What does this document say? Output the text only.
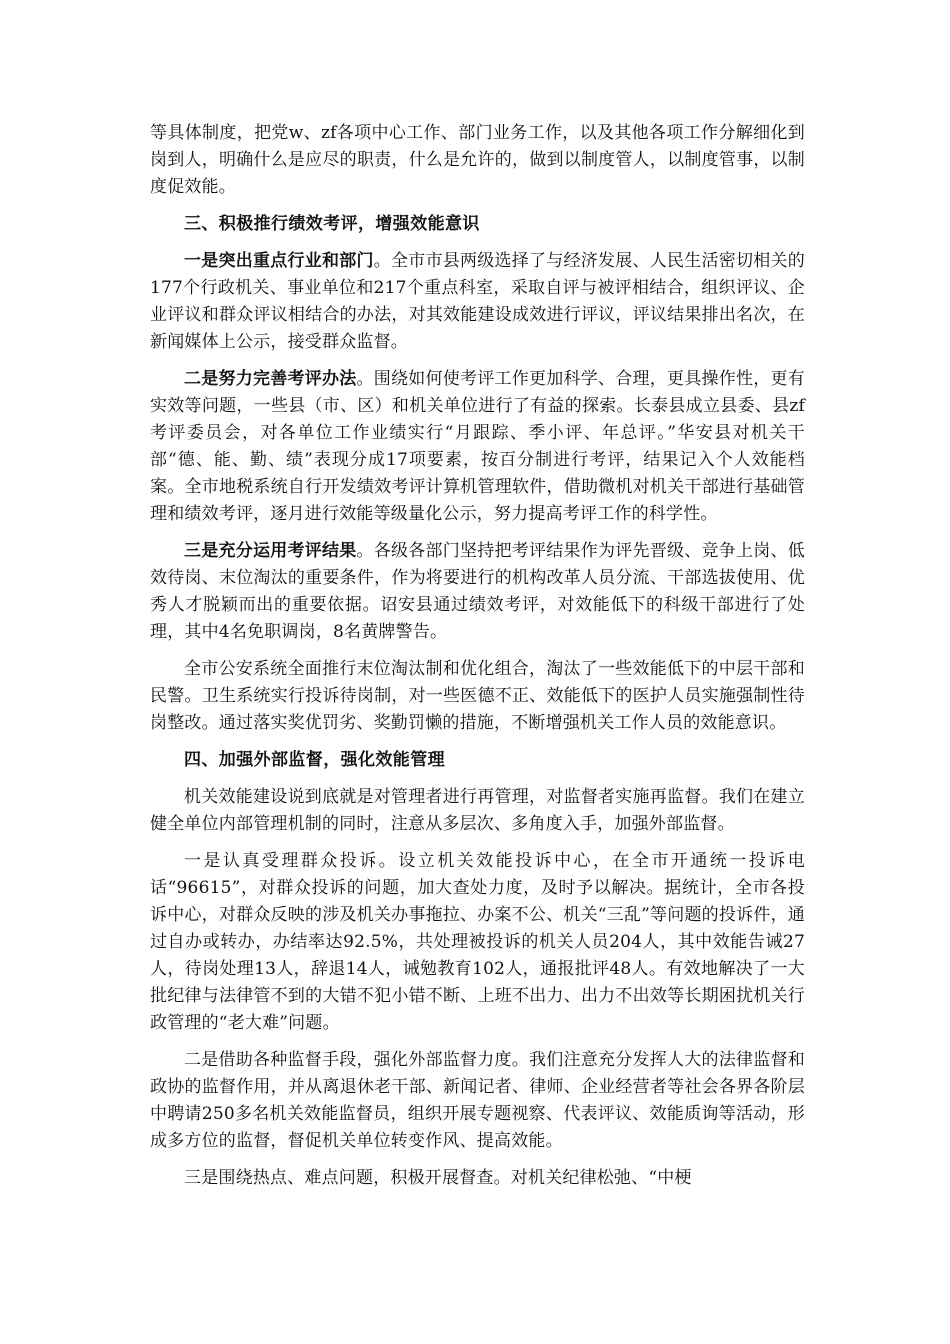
等具体制度，把党w、zf各项中心工作、部门业务工作，以及其他各项工作分解细化到岗到人，明确什么是应尽的职责，什么是允许的，做到以制度管人，以制度管事，以制度促效能。

三、积极推行绩效考评，增强效能意识

一是突出重点行业和部门。全市市县两级选择了与经济发展、人民生活密切相关的177个行政机关、事业单位和217个重点科室，采取自评与被评相结合，组织评议、企业评议和群众评议相结合的办法，对其效能建设成效进行评议，评议结果排出名次，在新闻媒体上公示，接受群众监督。

二是努力完善考评办法。围绕如何使考评工作更加科学、合理，更具操作性，更有实效等问题，一些县（市、区）和机关单位进行了有益的探索。长泰县成立县委、县zf考评委员会，对各单位工作业绩实行“月跟踪、季小评、年总评。”华安县对机关干部“德、能、勤、绩”表现分成17项要素，按百分制进行考评，结果记入个人效能档案。全市地税系统自行开发绩效考评计算机管理软件，借助微机对机关干部进行基础管理和绩效考评，逐月进行效能等级量化公示，努力提高考评工作的科学性。

三是充分运用考评结果。各级各部门坚持把考评结果作为评先晋级、竞争上岗、低效待岗、末位淘汰的重要条件，作为将要进行的机构改革人员分流、干部选拔使用、优秀人才脱颖而出的重要依据。诏安县通过绩效考评，对效能低下的科级干部进行了处理，其中4名免职调岗，8名黄牌警告。

全市公安系统全面推行末位淘汰制和优化组合，淘汰了一些效能低下的中层干部和民警。卫生系统实行投诉待岗制，对一些医德不正、效能低下的医护人员实施强制性待岗整改。通过落实奖优罚劣、奖勤罚懒的措施，不断增强机关工作人员的效能意识。

四、加强外部监督，强化效能管理

机关效能建设说到底就是对管理者进行再管理，对监督者实施再监督。我们在建立健全单位内部管理机制的同时，注意从多层次、多角度入手，加强外部监督。

一是认真受理群众投诉。设立机关效能投诉中心，在全市开通统一投诉电话“96615”，对群众投诉的问题，加大查处力度，及时予以解决。据统计，全市各投诉中心，对群众反映的涉及机关办事拖拉、办案不公、机关“三乱”等问题的投诉件，通过自办或转办，办结率达92.5%，共处理被投诉的机关人员204人，其中效能告诫27人，待岗处理13人，辞退14人，诫勉教育102人，通报批评48人。有效地解决了一大批纪律与法律管不到的大错不犯小错不断、上班不出力、出力不出效等长期困扰机关行政管理的“老大难”问题。

二是借助各种监督手段，强化外部监督力度。我们注意充分发挥人大的法律监督和政协的监督作用，并从离退休老干部、新闻记者、律师、企业经营者等社会各界各阶层中聘请250多名机关效能监督员，组织开展专题视察、代表评议、效能质询等活动，形成多方位的监督，督促机关单位转变作风、提高效能。

三是围绕热点、难点问题，积极开展督查。对机关纪律松弛、“中梗
